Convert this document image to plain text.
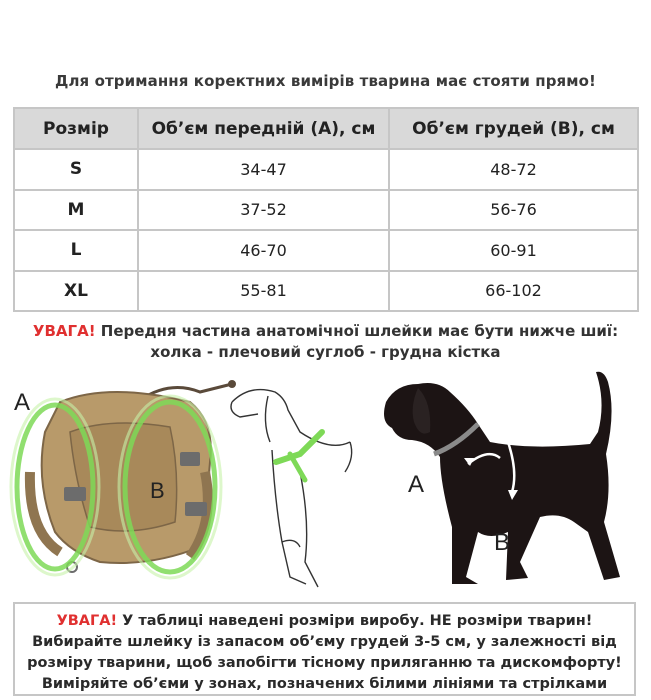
Для отримання коректних вимірів тварина має стояти прямо!
Розмір	Об’єм передній (А), см	Об’єм грудей (В), см
S	34-47	48-72
M	37-52	56-76
L	46-70	60-91
XL	55-81	66-102
УВАГА! Передня частина анатомічної шлейки має бути нижче шиї:
холка - плечовий суглоб - грудна кістка
A
B	A
B
УВАГА! У таблиці наведені розміри виробу. НЕ розміри тварин!
Вибирайте шлейку із запасом об’єму грудей 3-5 см, у залежності від
розміру тварини, щоб запобігти тісному приляганню та дискомфорту!
Виміряйте об’єми у зонах, позначених білими лініями та стрілками
